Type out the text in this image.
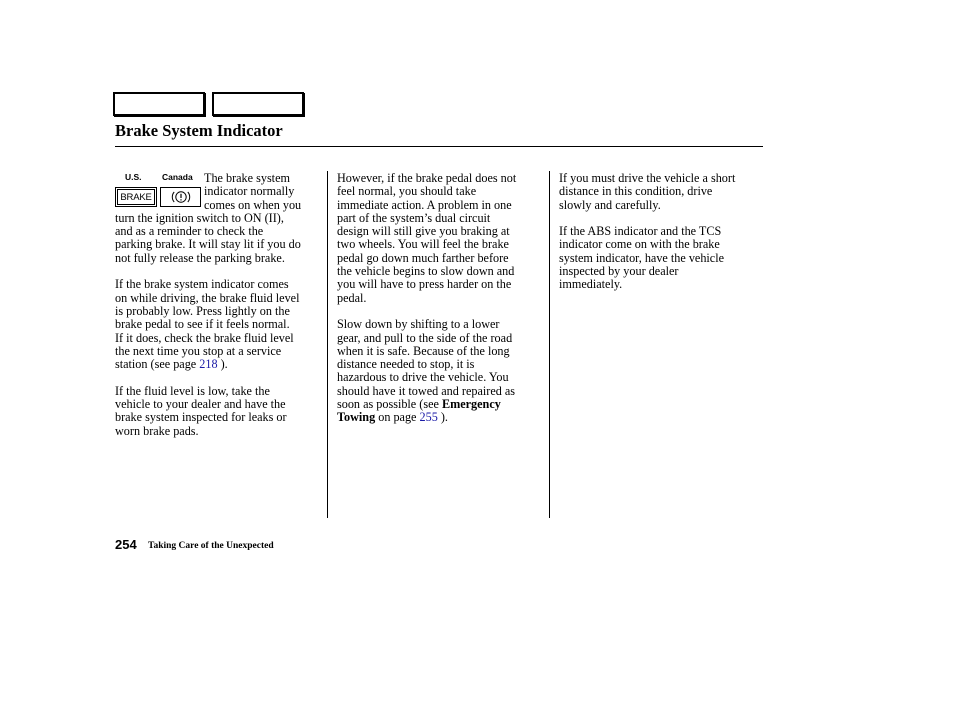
Brake System Indicator
The brake system
indicator normally
comes on when you
turn the ignition switch to ON (II),
and as a reminder to check the
parking brake. It will stay lit if you do
not fully release the parking brake.
If the brake system indicator comes
on while driving, the brake fluid level
is probably low. Press lightly on the
brake pedal to see if it feels normal.
If it does, check the brake fluid level
the next time you stop at a service
station (see page 218 ).
If the fluid level is low, take the
vehicle to your dealer and have the
brake system inspected for leaks or
worn brake pads.
U.S. Canada
BRAKE
However, if the brake pedal does not
feel normal, you should take
immediate action. A problem in one
part of the system’s dual circuit
design will still give you braking at
two wheels. You will feel the brake
pedal go down much farther before
the vehicle begins to slow down and
you will have to press harder on the
pedal.
Slow down by shifting to a lower
gear, and pull to the side of the road
when it is safe. Because of the long
distance needed to stop, it is
hazardous to drive the vehicle. You
should have it towed and repaired as
soon as possible (see Emergency
Towing on page 255 ).
If you must drive the vehicle a short
distance in this condition, drive
slowly and carefully.
If the ABS indicator and the TCS
indicator come on with the brake
system indicator, have the vehicle
inspected by your dealer
immediately.
254 Taking Care of the Unexpected
